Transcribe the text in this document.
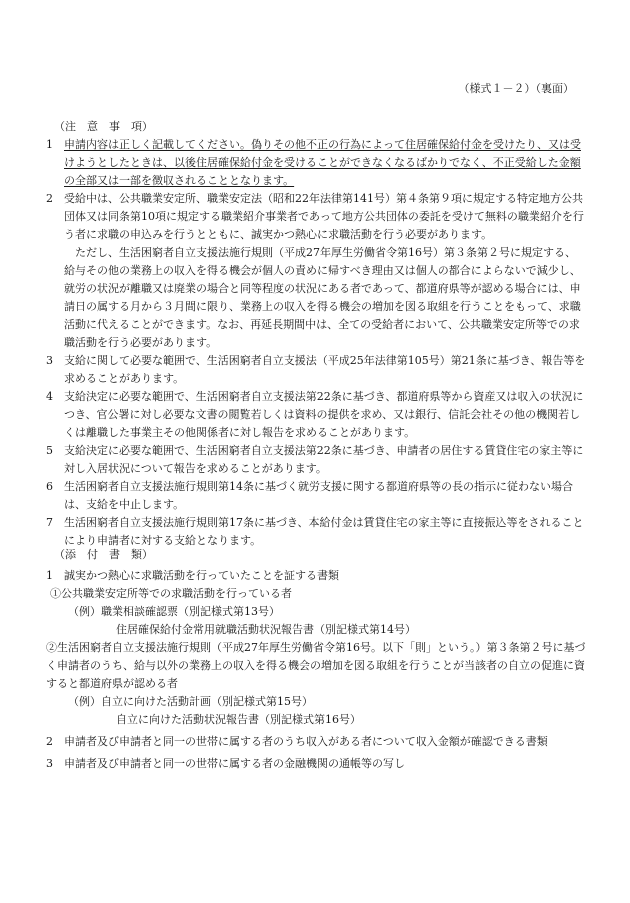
（様式１－２）（裏面）
（注　意　事　項）
1 申請内容は正しく記載してください。偽りその他不正の行為によって住居確保給付金を受けたり、又は受けようとしたときは、以後住居確保給付金を受けることができなくなるばかりでなく、不正受給した金額の全部又は一部を徴収されることとなります。
2 受給中は、公共職業安定所、職業安定法（昭和22年法律第141号）第４条第９項に規定する特定地方公共団体又は同条第10項に規定する職業紹介事業者であって地方公共団体の委託を受けて無料の職業紹介を行う者に求職の申込みを行うとともに、誠実かつ熱心に求職活動を行う必要があります。
ただし、生活困窮者自立支援法施行規則（平成27年厚生労働省令第16号）第３条第２号に規定する、給与その他の業務上の収入を得る機会が個人の責めに帰すべき理由又は個人の都合によらないで減少し、就労の状況が離職又は廃業の場合と同等程度の状況にある者であって、都道府県等が認める場合には、申請日の属する月から３月間に限り、業務上の収入を得る機会の増加を図る取組を行うことをもって、求職活動に代えることができます。なお、再延長期間中は、全ての受給者において、公共職業安定所等での求職活動を行う必要があります。
3 支給に関して必要な範囲で、生活困窮者自立支援法（平成25年法律第105号）第21条に基づき、報告等を求めることがあります。
4 支給決定に必要な範囲で、生活困窮者自立支援法第22条に基づき、都道府県等から資産又は収入の状況につき、官公署に対し必要な文書の閲覧若しくは資料の提供を求め、又は銀行、信託会社その他の機関若しくは離職した事業主その他関係者に対し報告を求めることがあります。
5 支給決定に必要な範囲で、生活困窮者自立支援法第22条に基づき、申請者の居住する賃貸住宅の家主等に対し入居状況について報告を求めることがあります。
6 生活困窮者自立支援法施行規則第14条に基づく就労支援に関する都道府県等の長の指示に従わない場合は、支給を中止します。
7 生活困窮者自立支援法施行規則第17条に基づき、本給付金は賃貸住宅の家主等に直接振込等をされることにより申請者に対する支給となります。
（添　付　書　類）
1 誠実かつ熱心に求職活動を行っていたことを証する書類
①公共職業安定所等での求職活動を行っている者
（例）職業相談確認票（別記様式第13号）
住居確保給付金常用就職活動状況報告書（別記様式第14号）
②生活困窮者自立支援法施行規則（平成27年厚生労働省令第16号。以下「則」という。）第３条第２号に基づく申請者のうち、給与以外の業務上の収入を得る機会の増加を図る取組を行うことが当該者の自立の促進に資すると都道府県が認める者
（例）自立に向けた活動計画（別記様式第15号）
自立に向けた活動状況報告書（別記様式第16号）
2 申請者及び申請者と同一の世帯に属する者のうち収入がある者について収入金額が確認できる書類
3 申請者及び申請者と同一の世帯に属する者の金融機関の通帳等の写し
